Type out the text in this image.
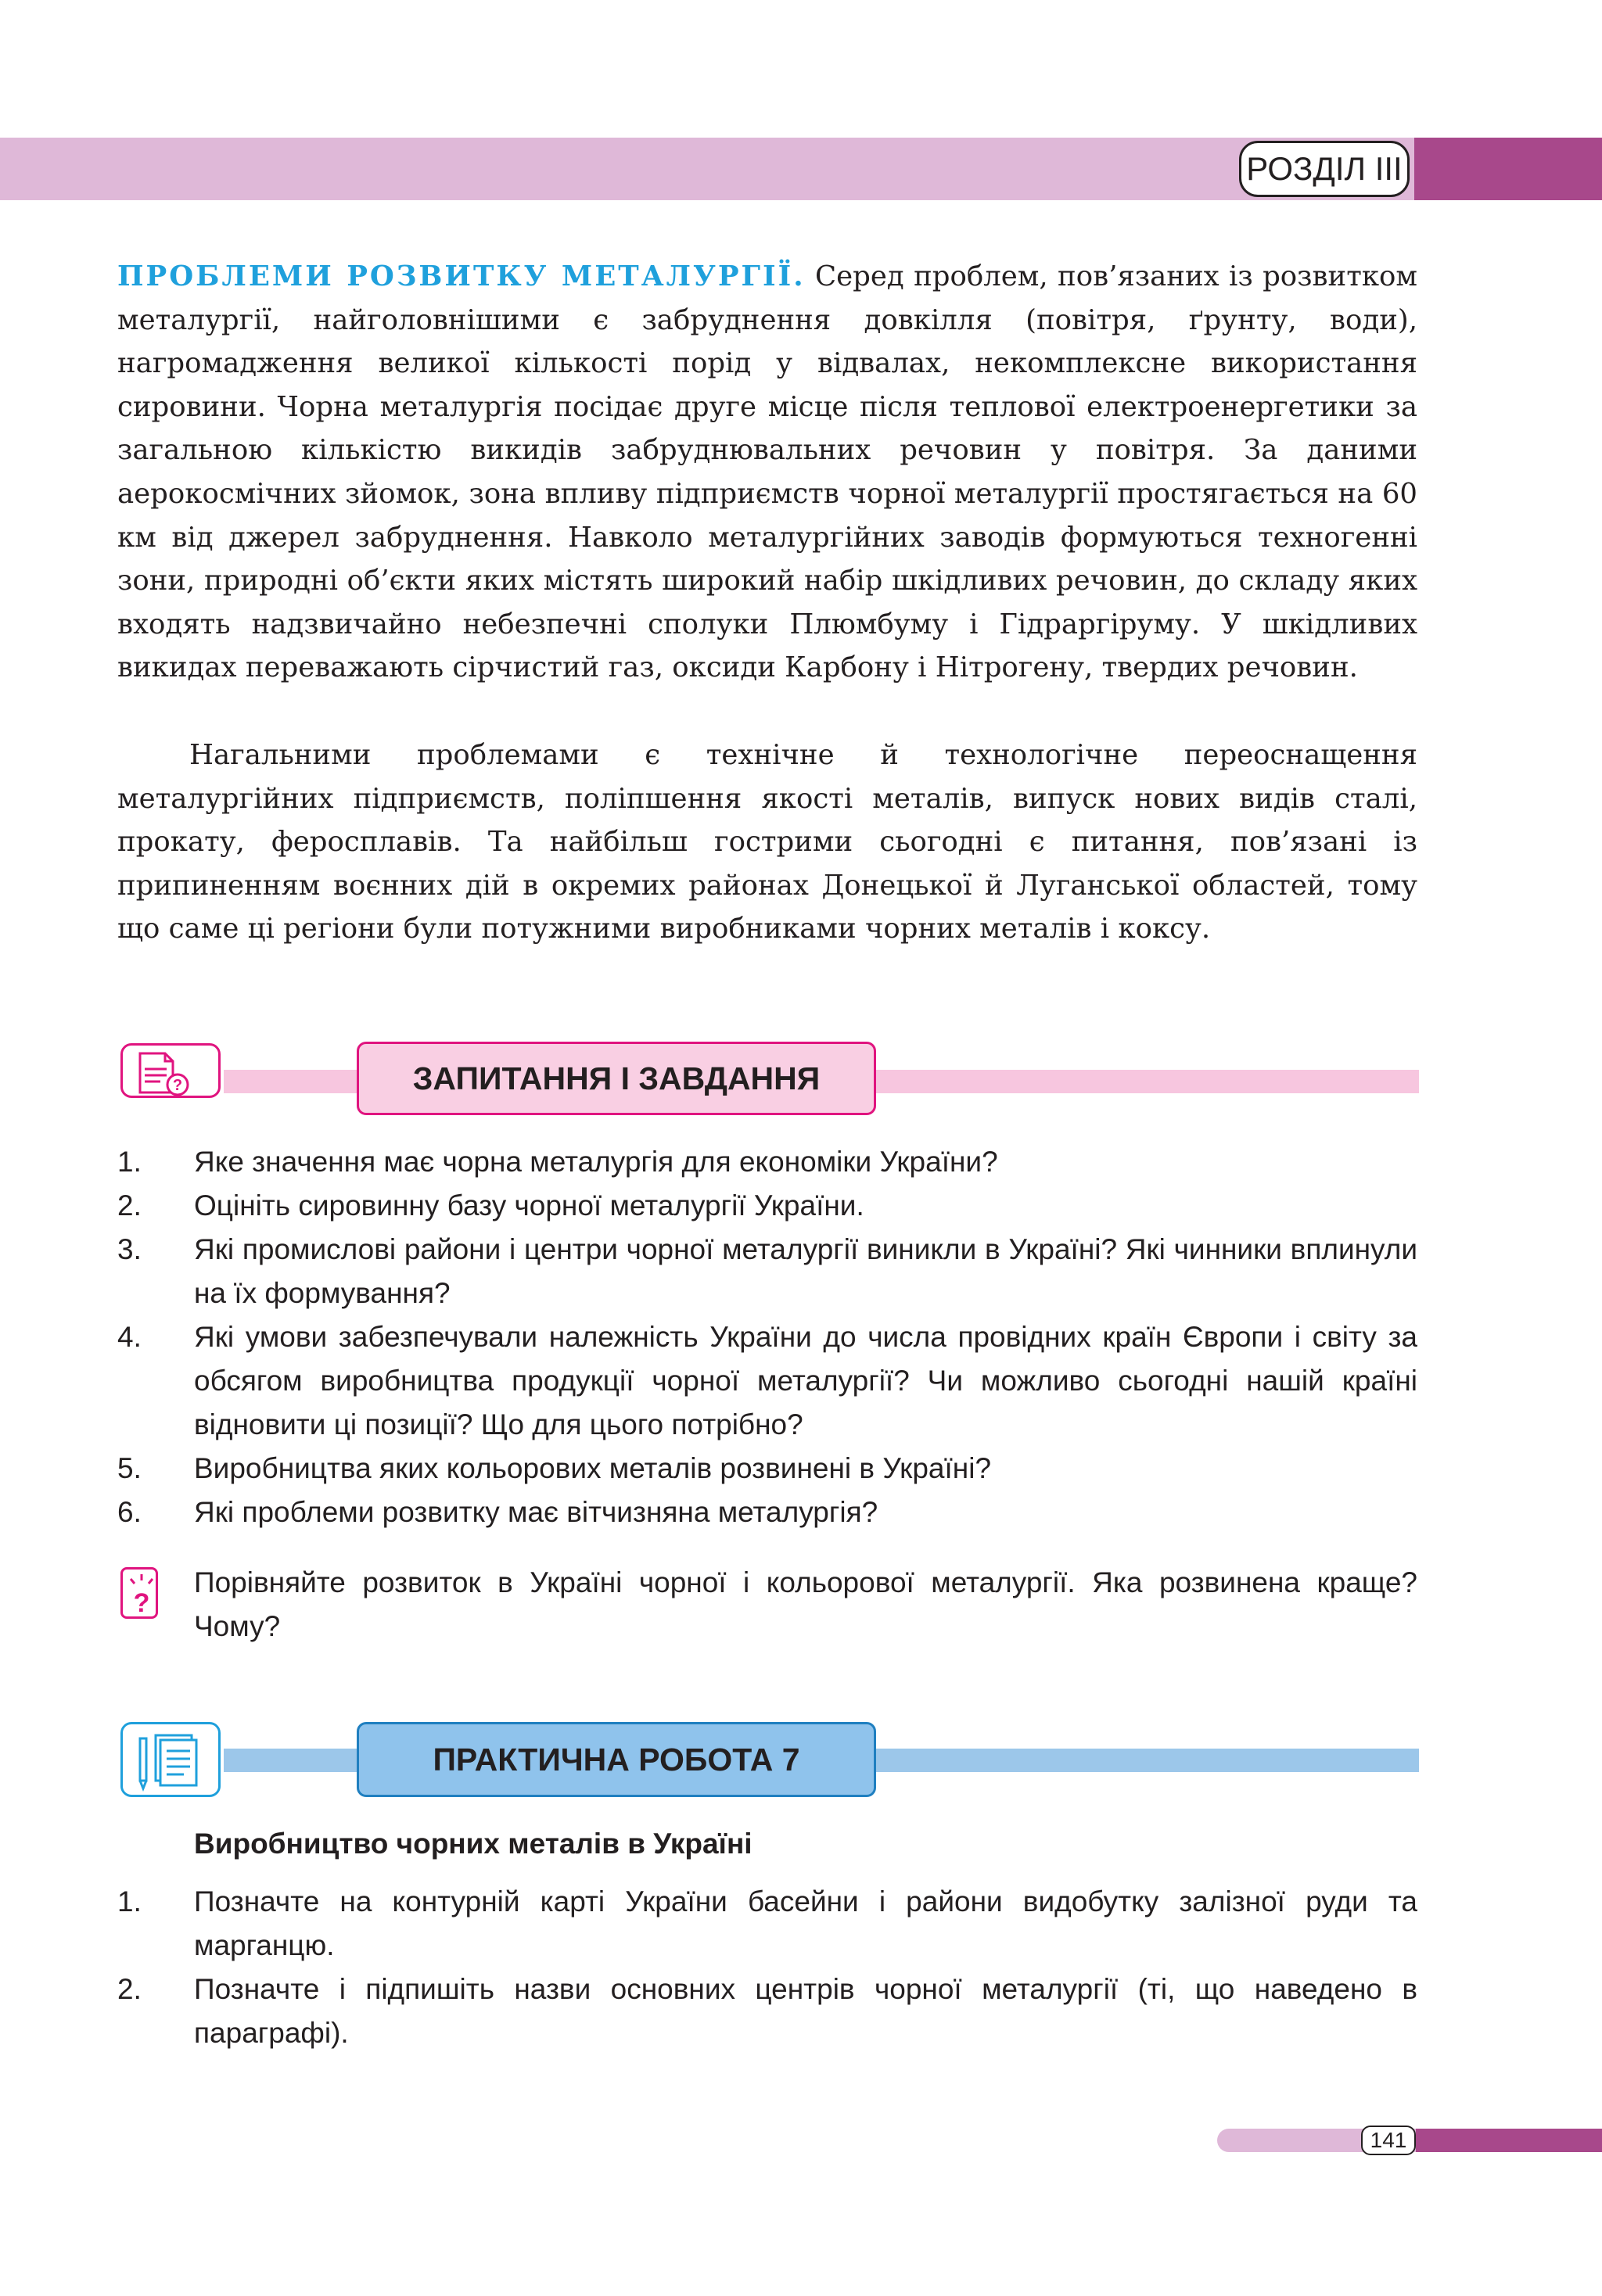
РОЗДІЛ III

ПРОБЛЕМИ РОЗВИТКУ МЕТАЛУРГІЇ. Серед проблем, пов’язаних із розвитком металургії, найголовнішими є забруднення довкілля (повітря, ґрунту, води), нагромадження великої кількості порід у відвалах, некомплексне використання сировини. Чорна металургія посідає друге місце після теплової електроенергетики за загальною кількістю викидів забруднювальних речовин у повітря. За даними аерокосмічних зйомок, зона впливу підприємств чорної металургії простягається на 60 км від джерел забруднення. Навколо металургійних заводів формуються техногенні зони, природні об’єкти яких містять широкий набір шкідливих речовин, до складу яких входять надзвичайно небезпечні сполуки Плюмбуму і Гідраргіруму. У шкідливих викидах переважають сірчистий газ, оксиди Карбону і Нітрогену, твердих речовин.

Нагальними проблемами є технічне й технологічне переоснащення металургійних підприємств, поліпшення якості металів, випуск нових видів сталі, прокату, феросплавів. Та найбільш гострими сьогодні є питання, пов’язані із припиненням воєнних дій в окремих районах Донецької й Луганської областей, тому що саме ці регіони були потужними виробниками чорних металів і коксу.

?	ЗАПИТАННЯ І ЗАВДАННЯ
1. Яке значення має чорна металургія для економіки України?
2. Оцініть сировинну базу чорної металургії України.
3. Які промислові райони і центри чорної металургії виникли в Україні? Які чинники вплинули на їх формування?
4. Які умови забезпечували належність України до числа провідних країн Європи і світу за обсягом виробництва продукції чорної металургії? Чи можливо сьогодні нашій країні відновити ці позиції? Що для цього потрібно?
5. Виробництва яких кольорових металів розвинені в Україні?
6. Які проблеми розвитку має вітчизняна металургія?
?

Порівняйте розвиток в Україні чорної і кольорової металургії. Яка розвинена краще? Чому?

ПРАКТИЧНА РОБОТА 7

Виробництво чорних металів в Україні

1. Позначте на контурній карті України басейни і райони видобутку залізної руди та марганцю.
2. Позначте і підпишіть назви основних центрів чорної металургії (ті, що наведено в параграфі).
141
